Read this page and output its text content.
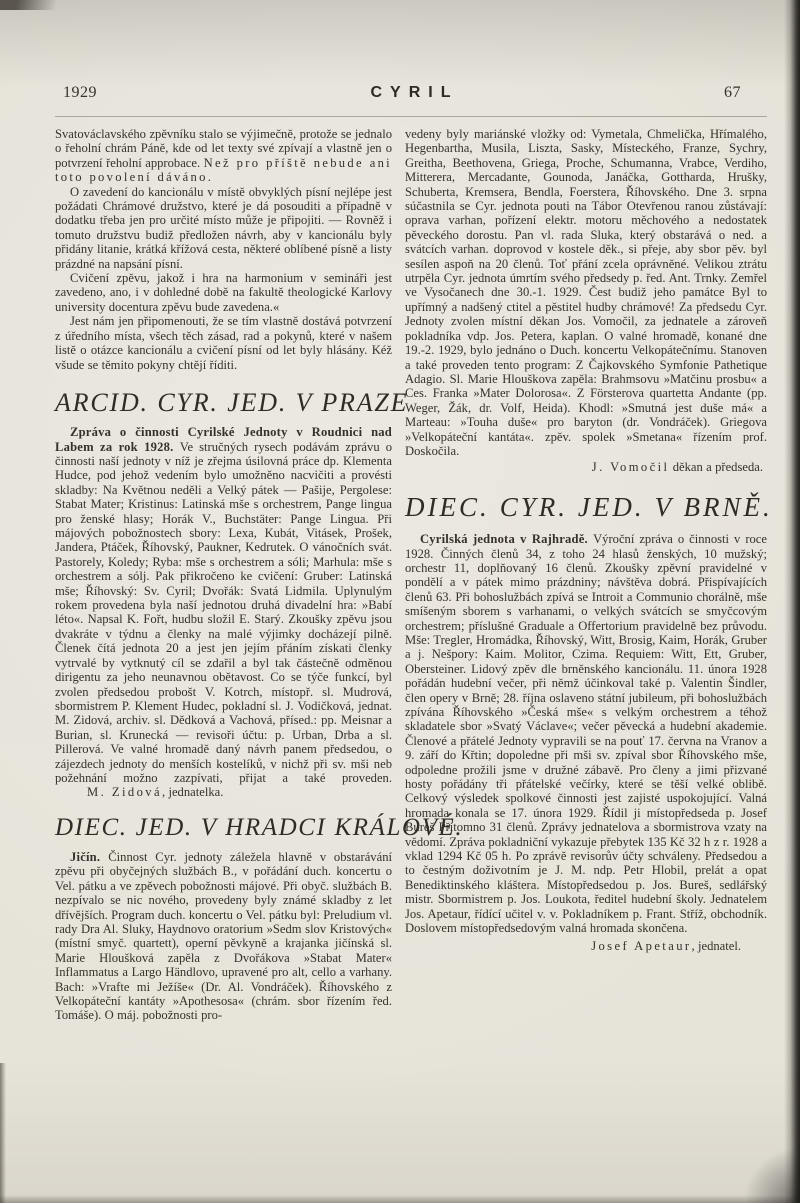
1929	CYRIL	67

Svatováclavského zpěvníku stalo se výjimečně, protože se jednalo o řeholní chrám Páně, kde od let texty své zpívají a vlastně jen o potvrzení řeholní approbace. Než pro příště nebude ani toto povolení dáváno.

O zavedení do kancionálu v místě obvyklých písní nejlépe jest požádati Chrámové družstvo, které je dá posouditi a případně v dodatku třeba jen pro určité místo může je připojiti. — Rovněž i tomuto družstvu budiž předložen návrh, aby v kancionálu byly přidány litanie, krátká křížová cesta, některé oblíbené písně a listy prázdné na napsání písní.

Cvičení zpěvu, jakož i hra na harmonium v semináři jest zavedeno, ano, i v dohledné době na fakultě theologické Karlovy university docentura zpěvu bude zavedena.«

Jest nám jen připomenouti, že se tím vlastně dostává potvrzení z úředního místa, všech těch zásad, rad a pokynů, které v našem listě o otázce kancionálu a cvičení písní od let byly hlásány. Kéž všude se těmito pokyny chtějí říditi.

ARCID. CYR. JED. V PRAZE

Zpráva o činnosti Cyrilské Jednoty v Roudnici nad Labem za rok 1928. Ve stručných rysech podávám zprávu o činnosti naší jednoty v níž je zřejma úsilovná práce dp. Klementa Hudce, pod jehož vedením bylo umožněno nacvičiti a provésti skladby: Na Květnou neděli a Velký pátek — Pašije, Pergolese: Stabat Mater; Kristinus: Latinská mše s orchestrem, Pange lingua pro ženské hlasy; Horák V., Buchstäter: Pange Lingua. Při májových pobožnostech sbory: Lexa, Kubát, Vitásek, Prošek, Jandera, Ptáček, Říhovský, Paukner, Kedrutek. O vánočních svát. Pastorely, Koledy; Ryba: mše s orchestrem a sóli; Marhula: mše s orchestrem a sólj. Pak přikročeno ke cvičení: Gruber: Latinská mše; Říhovský: Sv. Cyril; Dvořák: Svatá Lidmila. Uplynulým rokem provedena byla naší jednotou druhá divadelní hra: »Babí léto«. Napsal K. Fořt, hudbu složil E. Starý. Zkoušky zpěvu jsou dvakráte v týdnu a členky na malé výjimky docházejí pilně. Členek čítá jednota 20 a jest jen jejím přáním získati členky vytrvalé by vytknutý cíl se zdařil a byl tak částečně odměnou dirigentu za jeho neunavnou obětavost. Co se týče funkcí, byl zvolen předsedou probošt V. Kotrch, místopř. sl. Mudrová, sbormistrem P. Klement Hudec, pokladní sl. J. Vodičková, jednat. M. Zidová, archiv. sl. Dědková a Vachová, přísed.: pp. Meisnar a Burian, sl. Krunecká — revisoři účtu: p. Urban, Drba a sl. Pillerová. Ve valné hromadě daný návrh panem předsedou, o zájezdech jednoty do menších kostelíků, v nichž při sv. mši neb požehnání možno zazpívati, přijat a také proveden. M. Zidová, jednatelka.

DIEC. JED. V HRADCI KRÁLOVÉ.

Jičín. Činnost Cyr. jednoty záležela hlavně v obstarávání zpěvu při obyčejných službách B., v pořádání duch. koncertu o Vel. pátku a ve zpěvech pobožnosti májové. Při obyč. službách B. nezpívalo se nic nového, provedeny byly známé skladby z let dřívějších. Program duch. koncertu o Vel. pátku byl: Preludium vl. rady Dra Al. Sluky, Haydnovo oratorium »Sedm slov Kristových« (místní smyč. quartett), operní pěvkyně a krajanka jičínská sl. Marie Hloušková zapěla z Dvořákova »Stabat Mater« Inflammatus a Largo Händlovo, upravené pro alt, cello a varhany. Bach: »Vrafte mi Ježíše« (Dr. Al. Vondráček). Říhovského z Velkopáteční kantáty »Apothesosa« (chrám. sbor řízením řed. Tomáše). O máj. pobožnosti pro-

vedeny byly mariánské vložky od: Vymetala, Chmelička, Hřímalého, Hegenbartha, Musila, Liszta, Sasky, Místeckého, Franze, Sychry, Greitha, Beethovena, Griega, Proche, Schumanna, Vrabce, Verdiho, Mitterera, Mercadante, Gounoda, Janáčka, Gottharda, Hrušky, Schuberta, Kremsera, Bendla, Foerstera, Říhovského. Dne 3. srpna súčastnila se Cyr. jednota pouti na Tábor Otevřenou ranou zůstávají: oprava varhan, pořízení elektr. motoru měchového a nedostatek pěveckého dorostu. Pan vl. rada Sluka, který obstarává o ned. a svátcích varhan. doprovod v kostele děk., si přeje, aby sbor pěv. byl sesílen aspoň na 20 členů. Toť přání zcela oprávněné. Velikou ztrátu utrpěla Cyr. jednota úmrtím svého předsedy p. řed. Ant. Trnky. Zemřel ve Vysočanech dne 30.-1. 1929. Čest budiž jeho památce Byl to upřímný a nadšený ctitel a pěstitel hudby chrámové! Za předsedu Cyr. Jednoty zvolen místní děkan Jos. Vomočil, za jednatele a zároveň pokladníka vdp. Jos. Petera, kaplan. O valné hromadě, konané dne 19.-2. 1929, bylo jednáno o Duch. koncertu Velkopátečnímu. Stanoven a také proveden tento program: Z Čajkovského Symfonie Pathetique Adagio. Sl. Marie Hlouškova zapěla: Brahmsovu »Matčinu prosbu« a Ces. Franka »Mater Dolorosa«. Z Försterova quartetta Andante (pp. Weger, Žák, dr. Volf, Heida). Khodl: »Smutná jest duše má« a Marteau: »Touha duše« pro baryton (dr. Vondráček). Griegova »Velkopáteční kantáta«. zpěv. spolek »Smetana« řízením prof. Doskočila.

J. Vomočil děkan a předseda.

DIEC. CYR. JED. V BRNĚ.

Cyrilská jednota v Rajhradě. Výroční zpráva o činnosti v roce 1928. Činných členů 34, z toho 24 hlasů ženských, 10 mužský; orchestr 11, doplňovaný 16 členů. Zkoušky zpěvní pravidelné v pondělí a v pátek mimo prázdniny; návštěva dobrá. Přispívajících členů 63. Při bohoslužbách zpívá se Introit a Communio chorálně, mše smíšeným sborem s varhanami, o velkých svátcích se smyčcovým orchestrem; příslušné Graduale a Offertorium pravidelně bez průvodu. Mše: Tregler, Hromádka, Říhovský, Witt, Brosig, Kaim, Horák, Gruber a j. Nešpory: Kaim. Molitor, Czima. Requiem: Witt, Ett, Gruber, Obersteiner. Lidový zpěv dle brněnského kancionálu. 11. února 1928 pořádán hudební večer, při němž účinkoval také p. Valentin Šindler, člen opery v Brně; 28. října oslaveno státní jubileum, při bohoslužbách zpívána Říhovského »Česká mše« s velkým orchestrem a téhož skladatele sbor »Svatý Václave«; večer pěvecká a hudební akademie. Členové a přátelé Jednoty vypravili se na pouť 17. června na Vranov a 9. září do Křtin; dopoledne při mši sv. zpíval sbor Říhovského mše, odpoledne prožili jsme v družné zábavě. Pro členy a jimi přizvané hosty pořádány tři přátelské večírky, které se těší velké oblibě. Celkový výsledek spolkové činnosti jest zajisté uspokojující. Valná hromada konala se 17. února 1929. Řídil ji místopředseda p. Josef Bureš Přítomno 31 členů. Zprávy jednatelova a sbormistrova vzaty na vědomí. Zpráva pokladniční vykazuje přebytek 135 Kč 32 h z r. 1928 a vklad 1294 Kč 05 h. Po zprávě revisorův účty schváleny. Předsedou a to čestným doživotním je J. M. ndp. Petr Hlobil, prelát a opat Benediktinského kláštera. Místopředsedou p. Jos. Bureš, sedlářský mistr. Sbormistrem p. Jos. Loukota, ředitel hudební školy. Jednatelem Jos. Apetaur, řídící učitel v. v. Pokladníkem p. Frant. Stříž, obchodník. Doslovem místopředsedovým valná hromada skončena.

Josef Apetaur, jednatel.
